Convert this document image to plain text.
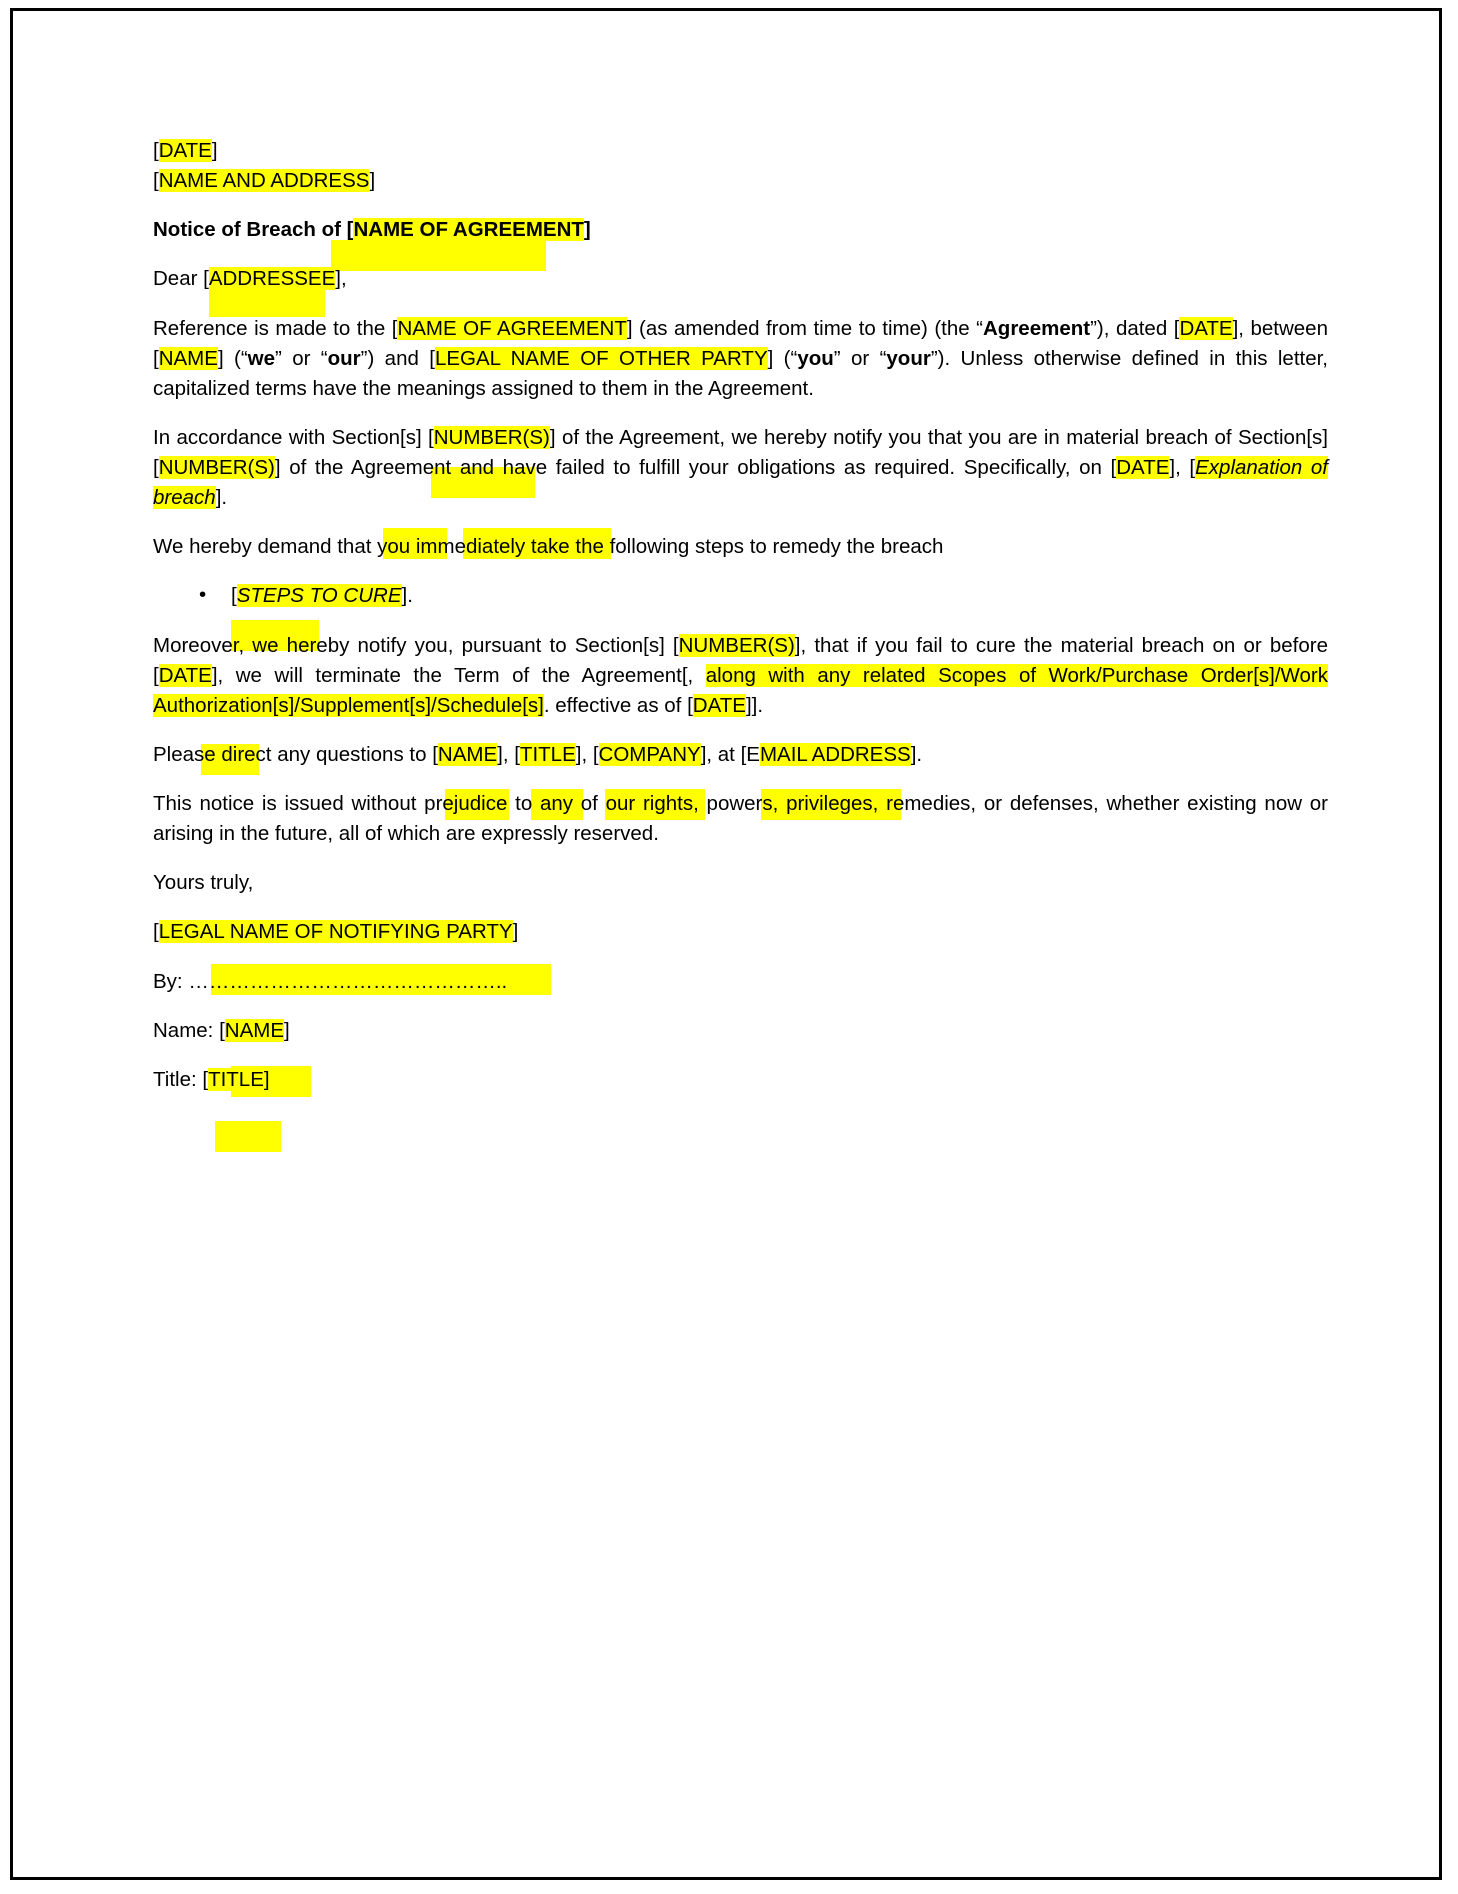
[DATE]
[NAME AND ADDRESS]

Notice of Breach of [NAME OF AGREEMENT]

Dear [ADDRESSEE],

Reference is made to the [NAME OF AGREEMENT] (as amended from time to time) (the “Agreement”), dated [DATE], between [NAME] (“we” or “our”) and [LEGAL NAME OF OTHER PARTY] (“you” or “your”). Unless otherwise defined in this letter, capitalized terms have the meanings assigned to them in the Agreement.

In accordance with Section[s] [NUMBER(S)] of the Agreement, we hereby notify you that you are in material breach of Section[s] [NUMBER(S)] of the Agreement and have failed to fulfill your obligations as required. Specifically, on [DATE], [Explanation of breach].

We hereby demand that you immediately take the following steps to remedy the breach

• [STEPS TO CURE].

Moreover, we hereby notify you, pursuant to Section[s] [NUMBER(S)], that if you fail to cure the material breach on or before [DATE], we will terminate the Term of the Agreement[, along with any related Scopes of Work/Purchase Order[s]/Work Authorization[s]/Supplement[s]/Schedule[s]. effective as of [DATE]].

Please direct any questions to [NAME], [TITLE], [COMPANY], at [EMAIL ADDRESS].

This notice is issued without prejudice to any of our rights, powers, privileges, remedies, or defenses, whether existing now or arising in the future, all of which are expressly reserved.

Yours truly,

[LEGAL NAME OF NOTIFYING PARTY]

By: ………………………………………..

Name: [NAME]

Title: [TITLE]
